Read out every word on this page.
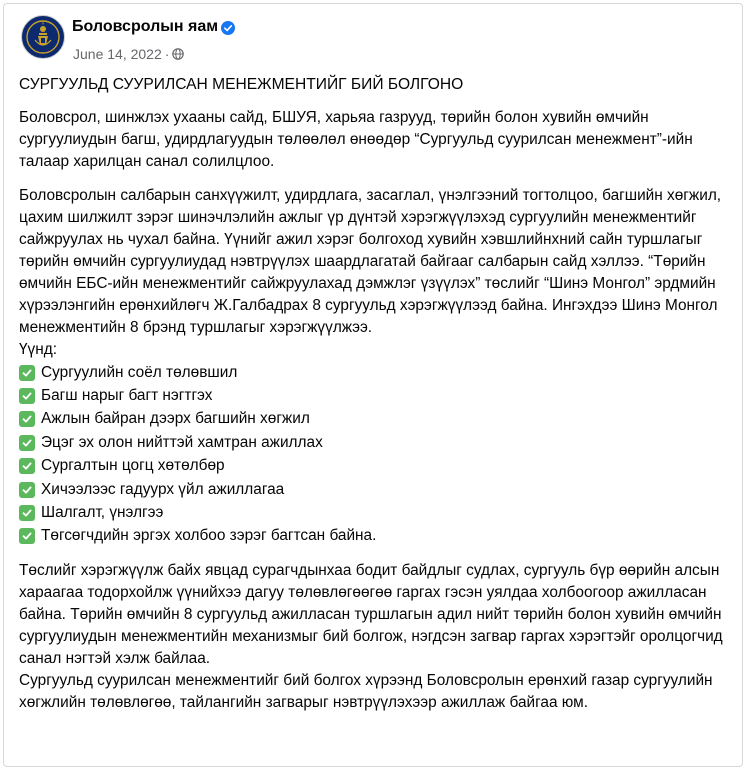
Боловсролын яам
June 14, 2022 ·

СУРГУУЛЬД СУУРИЛСАН МЕНЕЖМЕНТИЙГ БИЙ БОЛГОНО

Боловсрол, шинжлэх ухааны сайд, БШУЯ, харьяа газрууд, төрийн болон хувийн өмчийн сургуулиудын багш, удирдлагуудын төлөөлөл өнөөдөр “Сургуульд суурилсан менежмент”-ийн талаар харилцан санал солилцлоо.

Боловсролын салбарын санхүүжилт, удирдлага, засаглал, үнэлгээний тогтолцоо, багшийн хөгжил, цахим шилжилт зэрэг шинэчлэлийн ажлыг үр дүнтэй хэрэгжүүлэхэд сургуулийн менежментийг сайжруулах нь чухал байна. Үүнийг ажил хэрэг болгоход хувийн хэвшлийнхний сайн туршлагыг төрийн өмчийн сургуулиудад нэвтрүүлэх шаардлагатай байгааг салбарын сайд хэллээ. “Төрийн өмчийн ЕБС-ийн менежментийг сайжруулахад дэмжлэг үзүүлэх” төслийг “Шинэ Монгол” эрдмийн хүрээлэнгийн ерөнхийлөгч Ж.Галбадрах 8 сургуульд хэрэгжүүлээд байна. Ингэхдээ Шинэ Монгол менежментийн 8 брэнд туршлагыг хэрэгжүүлжээ.

Үүнд:

Сургуулийн соёл төлөвшил
Багш нарыг багт нэгтгэх
Ажлын байран дээрх багшийн хөгжил
Эцэг эх олон нийттэй хамтран ажиллах
Сургалтын цогц хөтөлбөр
Хичээлээс гадуурх үйл ажиллагаа
Шалгалт, үнэлгээ
Төгсөгчдийн эргэх холбоо зэрэг багтсан байна.

Төслийг хэрэгжүүлж байх явцад сурагчдынхаа бодит байдлыг судлах, сургууль бүр өөрийн алсын хараагаа тодорхойлж үүнийхээ дагуу төлөвлөгөөгөө гаргах гэсэн уялдаа холбоогоор ажилласан байна. Төрийн өмчийн 8 сургуульд ажилласан туршлагын адил нийт төрийн болон хувийн өмчийн сургуулиудын менежментийн механизмыг бий болгож, нэгдсэн загвар гаргах хэрэгтэйг оролцогчид санал нэгтэй хэлж байлаа.

Сургуульд суурилсан менежментийг бий болгох хүрээнд Боловсролын ерөнхий газар сургуулийн хөгжлийн төлөвлөгөө, тайлангийн загварыг нэвтрүүлэхээр ажиллаж байгаа юм.
